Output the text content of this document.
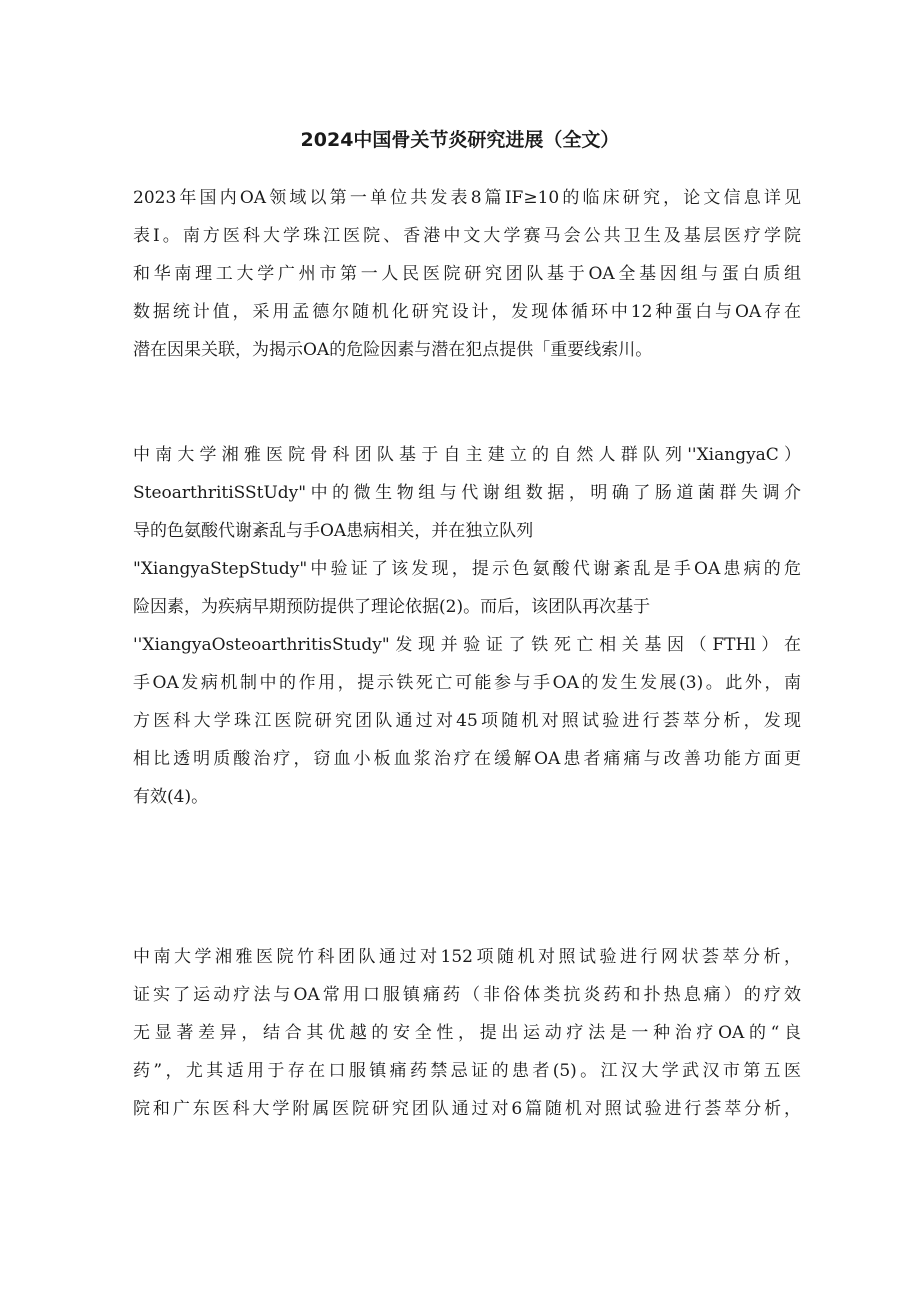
2024中国骨关节炎研究进展（全文）
2023年国内OA领域以第一单位共发表8篇IF≥10的临床研究，论文信息详见
表I。南方医科大学珠江医院、香港中文大学赛马会公共卫生及基层医疗学院
和华南理工大学广州市第一人民医院研究团队基于OA全基因组与蛋白质组
数据统计值，采用孟德尔随机化研究设计，发现体循环中12种蛋白与OA存在
潜在因果关联，为揭示OA的危险因素与潜在犯点提供「重要线索川。
中南大学湘雅医院骨科团队基于自主建立的自然人群队列''XiangyaC）
SteoarthritiSStUdy"中的微生物组与代谢组数据，明确了肠道菌群失调介
导的色氨酸代谢紊乱与手OA患病相关，并在独立队列
"XiangyaStepStudy"中验证了该发现，提示色氨酸代谢紊乱是手OA患病的危
险因素，为疾病早期预防提供了理论依据(2)。而后，该团队再次基于
''XiangyaOsteoarthritisStudy"发现并验证了铁死亡相关基因（FTHl）在
手OA发病机制中的作用，提示铁死亡可能参与手OA的发生发展(3)。此外，南
方医科大学珠江医院研究团队通过对45项随机对照试验进行荟萃分析，发现
相比透明质酸治疗，窃血小板血浆治疗在缓解OA患者痛痛与改善功能方面更
有效(4)。
中南大学湘雅医院竹科团队通过对152项随机对照试验进行网状荟萃分析，
证实了运动疗法与OA常用口服镇痛药（非俗体类抗炎药和扑热息痛）的疗效
无显著差异，结合其优越的安全性，提出运动疗法是一种治疗OA的“良
药”，尤其适用于存在口服镇痛药禁忌证的患者(5)。江汉大学武汉市第五医
院和广东医科大学附属医院研究团队通过对6篇随机对照试验进行荟萃分析，
